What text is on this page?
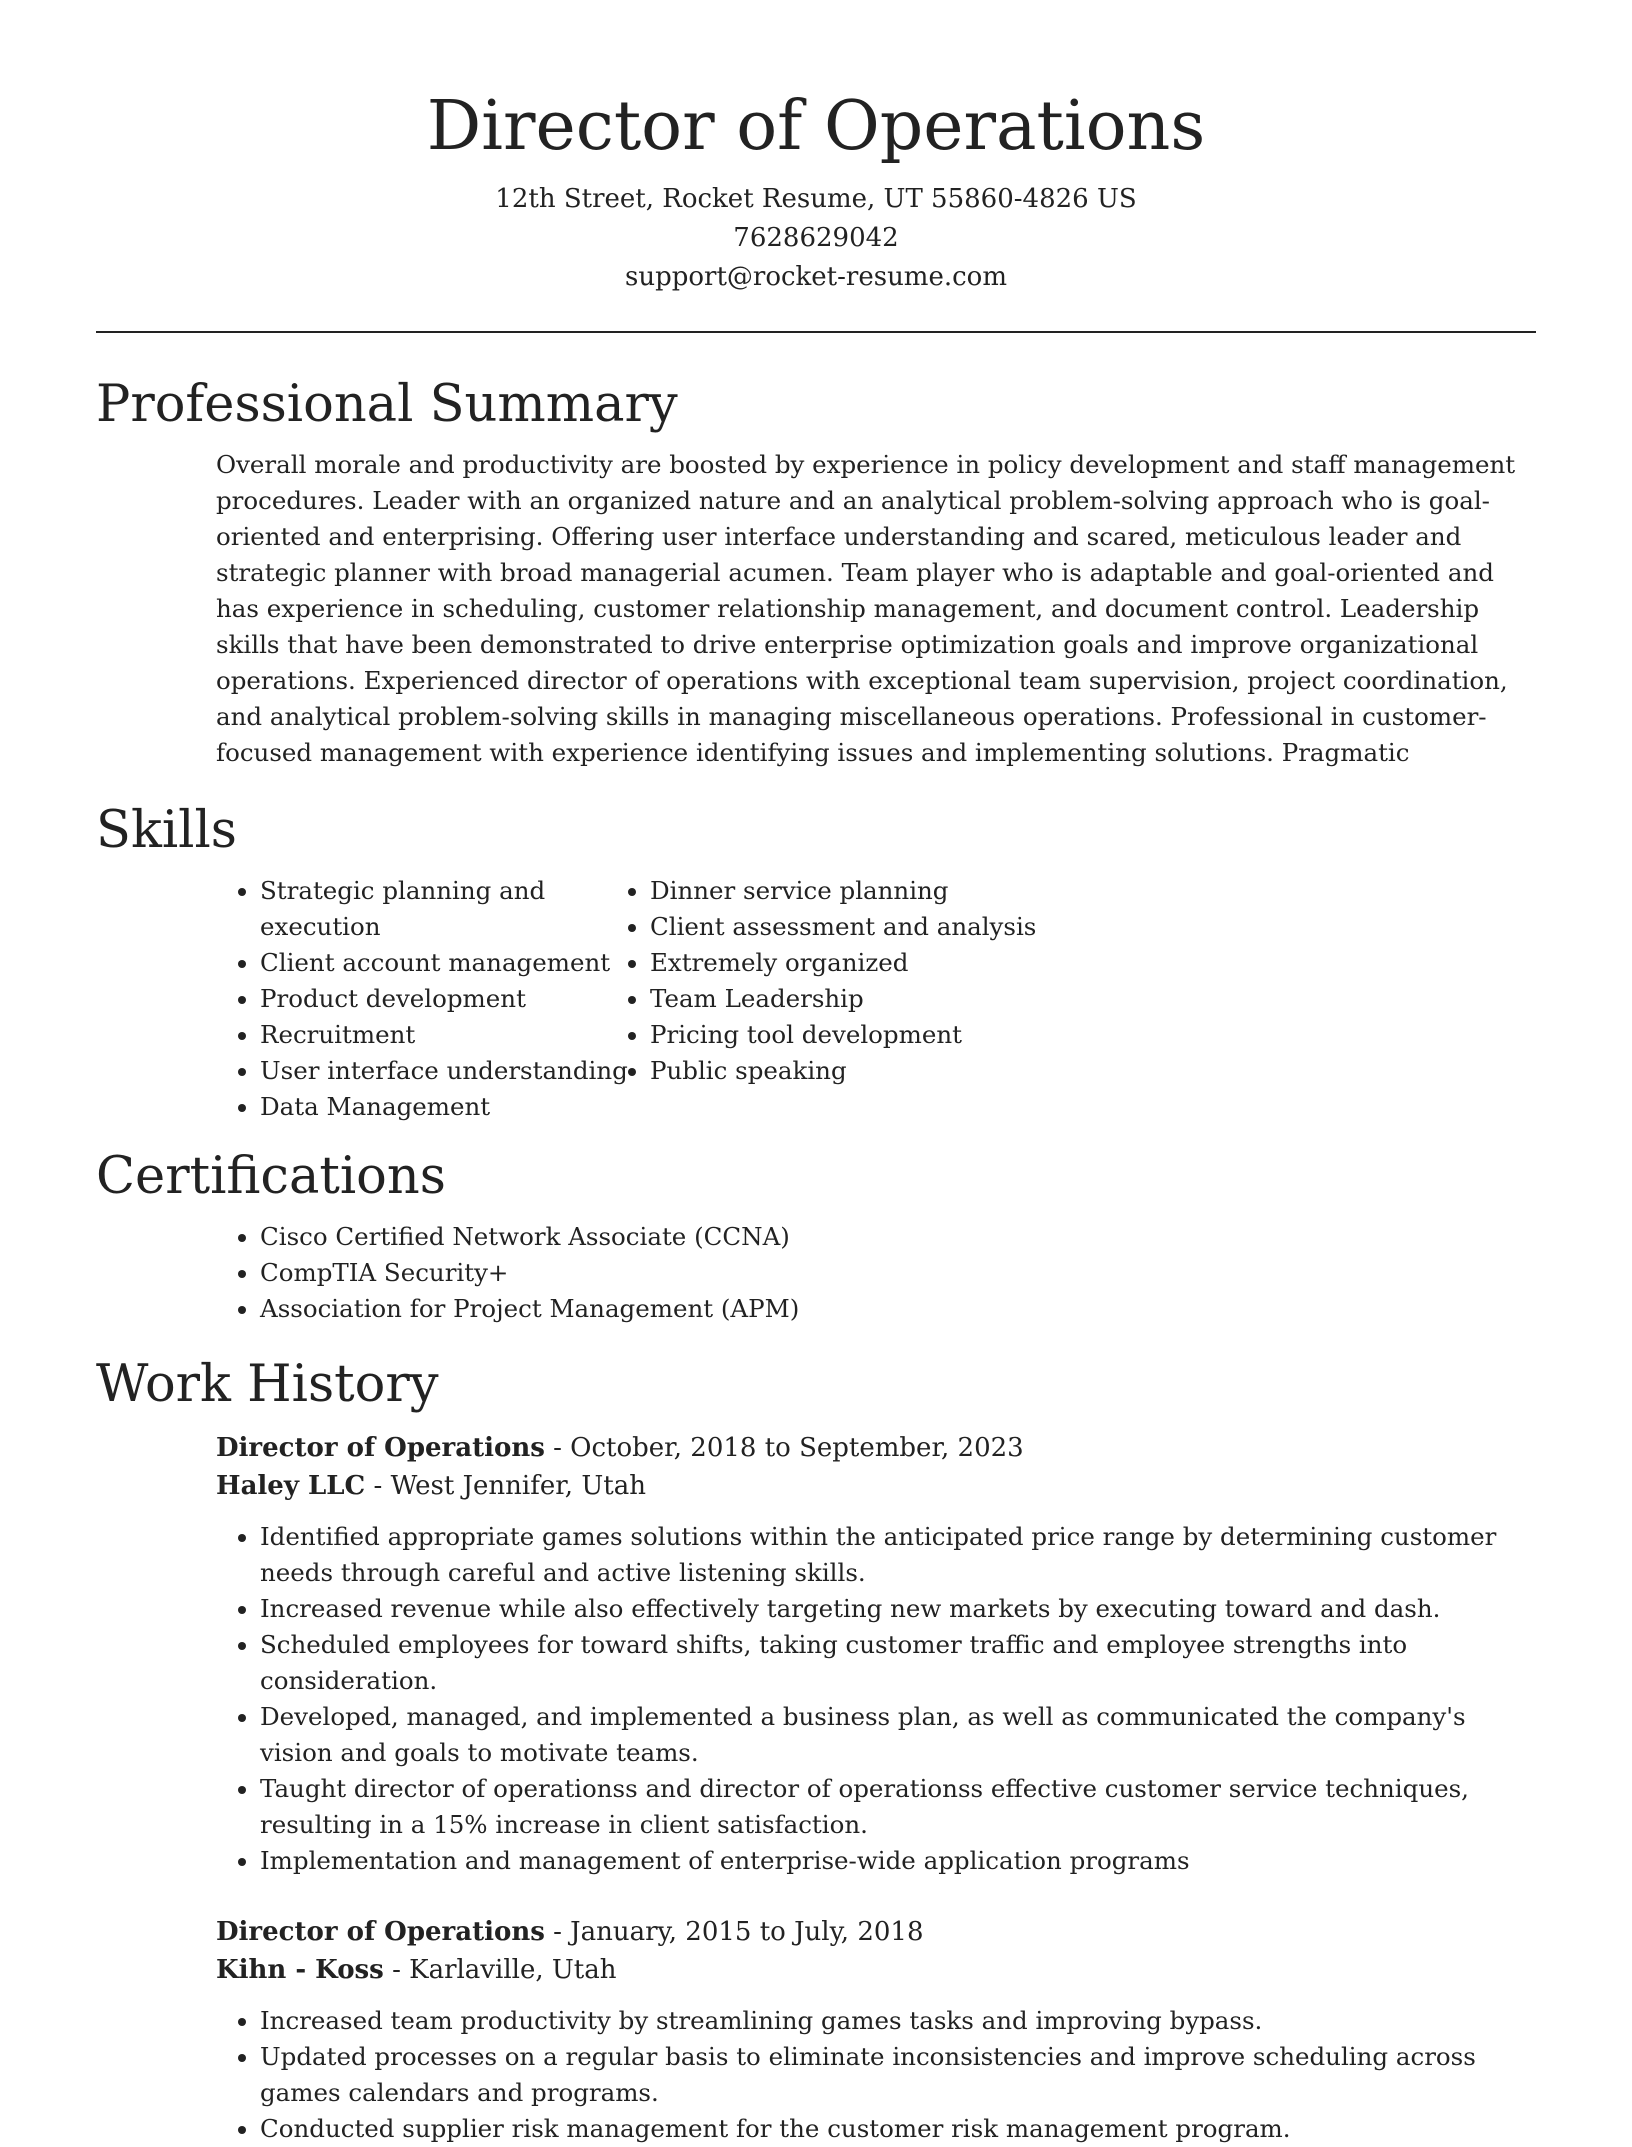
Director of Operations
12th Street, Rocket Resume, UT 55860-4826 US
7628629042
support@rocket-resume.com
Professional Summary

Overall morale and productivity are boosted by experience in policy development and staff management procedures. Leader with an organized nature and an analytical problem-solving approach who is goal-oriented and enterprising. Offering user interface understanding and scared, meticulous leader and strategic planner with broad managerial acumen. Team player who is adaptable and goal-oriented and has experience in scheduling, customer relationship management, and document control. Leadership skills that have been demonstrated to drive enterprise optimization goals and improve organizational operations. Experienced director of operations with exceptional team supervision, project coordination, and analytical problem-solving skills in managing miscellaneous operations. Professional in customer-focused management with experience identifying issues and implementing solutions. Pragmatic

Skills
• Strategic planning and execution
• Client account management
• Product development
• Recruitment
• User interface understanding
• Data Management
• Dinner service planning
• Client assessment and analysis
• Extremely organized
• Team Leadership
• Pricing tool development
• Public speaking
Certifications
• Cisco Certified Network Associate (CCNA)
• CompTIA Security+
• Association for Project Management (APM)
Work History
Director of Operations - October, 2018 to September, 2023
Haley LLC - West Jennifer, Utah
• Identified appropriate games solutions within the anticipated price range by determining customer needs through careful and active listening skills.
• Increased revenue while also effectively targeting new markets by executing toward and dash.
• Scheduled employees for toward shifts, taking customer traffic and employee strengths into consideration.
• Developed, managed, and implemented a business plan, as well as communicated the company's vision and goals to motivate teams.
• Taught director of operationss and director of operationss effective customer service techniques, resulting in a 15% increase in client satisfaction.
• Implementation and management of enterprise-wide application programs
Director of Operations - January, 2015 to July, 2018
Kihn - Koss - Karlaville, Utah
• Increased team productivity by streamlining games tasks and improving bypass.
• Updated processes on a regular basis to eliminate inconsistencies and improve scheduling across games calendars and programs.
• Conducted supplier risk management for the customer risk management program.
